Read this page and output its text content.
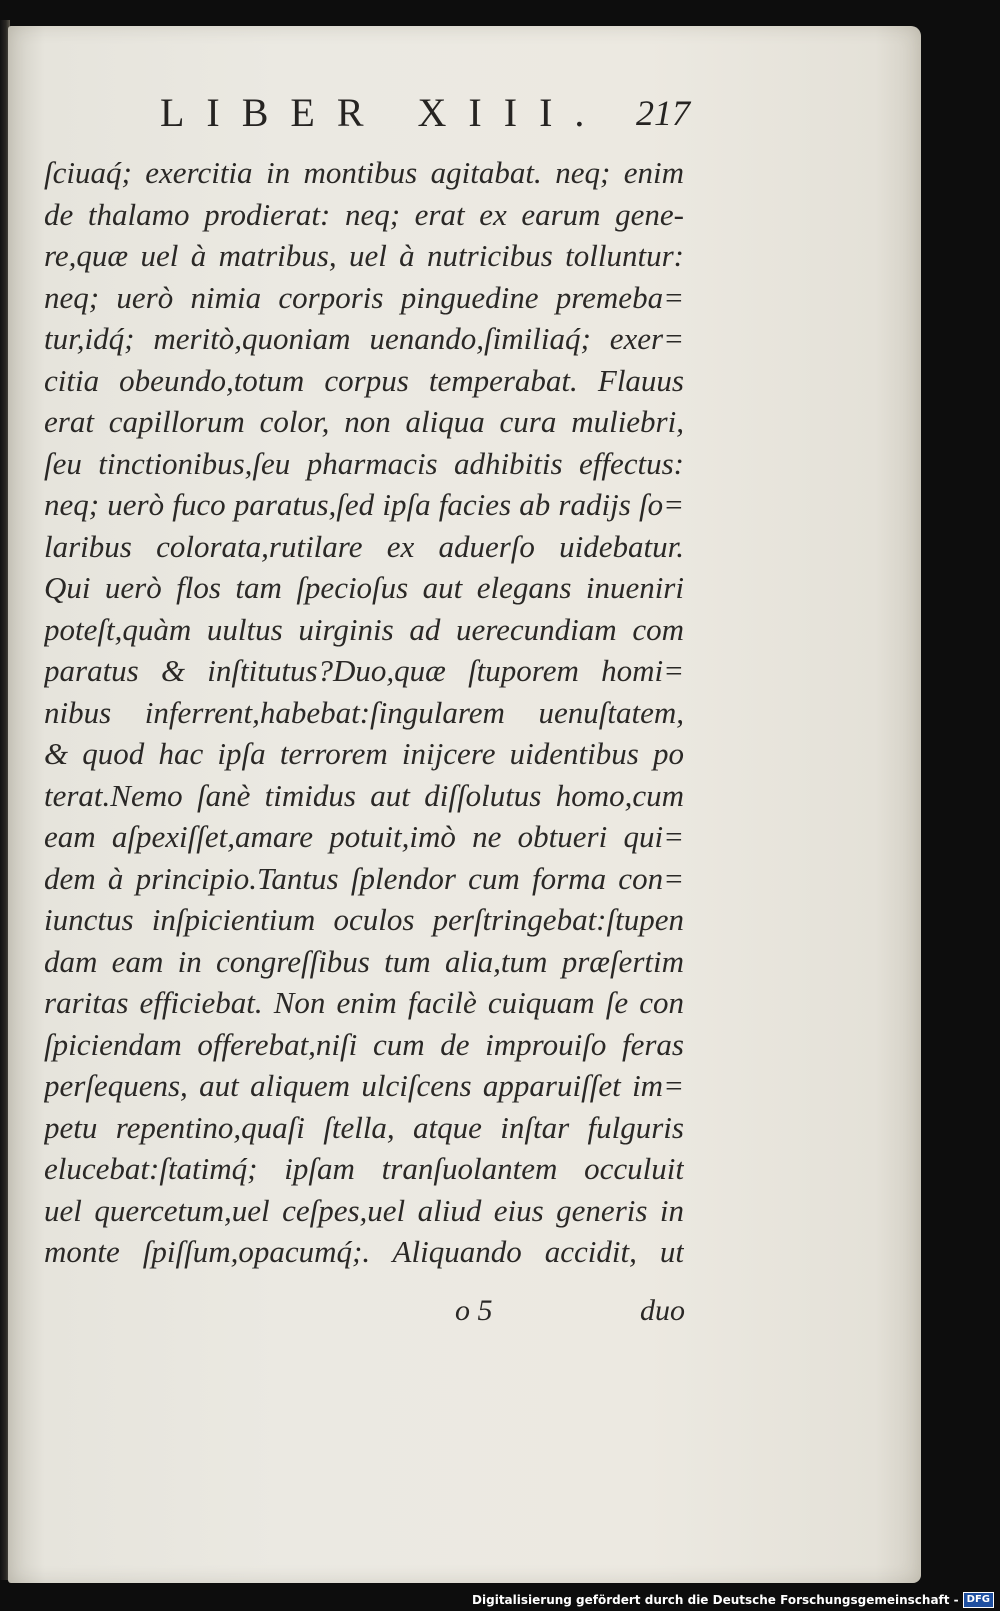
LIBER XIII. 217
ſciuaq́; exercitia in montibus agitabat. neq; enim
de thalamo prodierat: neq; erat ex earum gene-
re,quæ uel à matribus, uel à nutricibus tolluntur:
neq; uerò nimia corporis pinguedine premeba=
tur,idq́; meritò,quoniam uenando,ſimiliaq́; exer=
citia obeundo,totum corpus temperabat. Flauus
erat capillorum color, non aliqua cura muliebri,
ſeu tinctionibus,ſeu pharmacis adhibitis effectus:
neq; uerò fuco paratus,ſed ipſa facies ab radijs ſo=
laribus colorata,rutilare ex aduerſo uidebatur.
Qui uerò flos tam ſpecioſus aut elegans inueniri
poteſt,quàm uultus uirginis ad uerecundiam com
paratus & inſtitutus?Duo,quæ ſtuporem homi=
nibus inferrent,habebat:ſingularem uenuſtatem,
& quod hac ipſa terrorem inijcere uidentibus po
terat.Nemo ſanè timidus aut diſſolutus homo,cum
eam aſpexiſſet,amare potuit,imò ne obtueri qui=
dem à principio.Tantus ſplendor cum forma con=
iunctus inſpicientium oculos perſtringebat:ſtupen
dam eam in congreſſibus tum alia,tum præſertim
raritas efficiebat. Non enim facilè cuiquam ſe con
ſpiciendam offerebat,niſi cum de improuiſo feras
perſequens, aut aliquem ulciſcens apparuiſſet im=
petu repentino,quaſi ſtella, atque inſtar fulguris
elucebat:ſtatimq́; ipſam tranſuolantem occuluit
uel quercetum,uel ceſpes,uel aliud eius generis in
monte ſpiſſum,opacumq́;. Aliquando accidit, ut
o 5	duo
Digitalisierung gefördert durch die Deutsche Forschungsgemeinschaft - DFG
